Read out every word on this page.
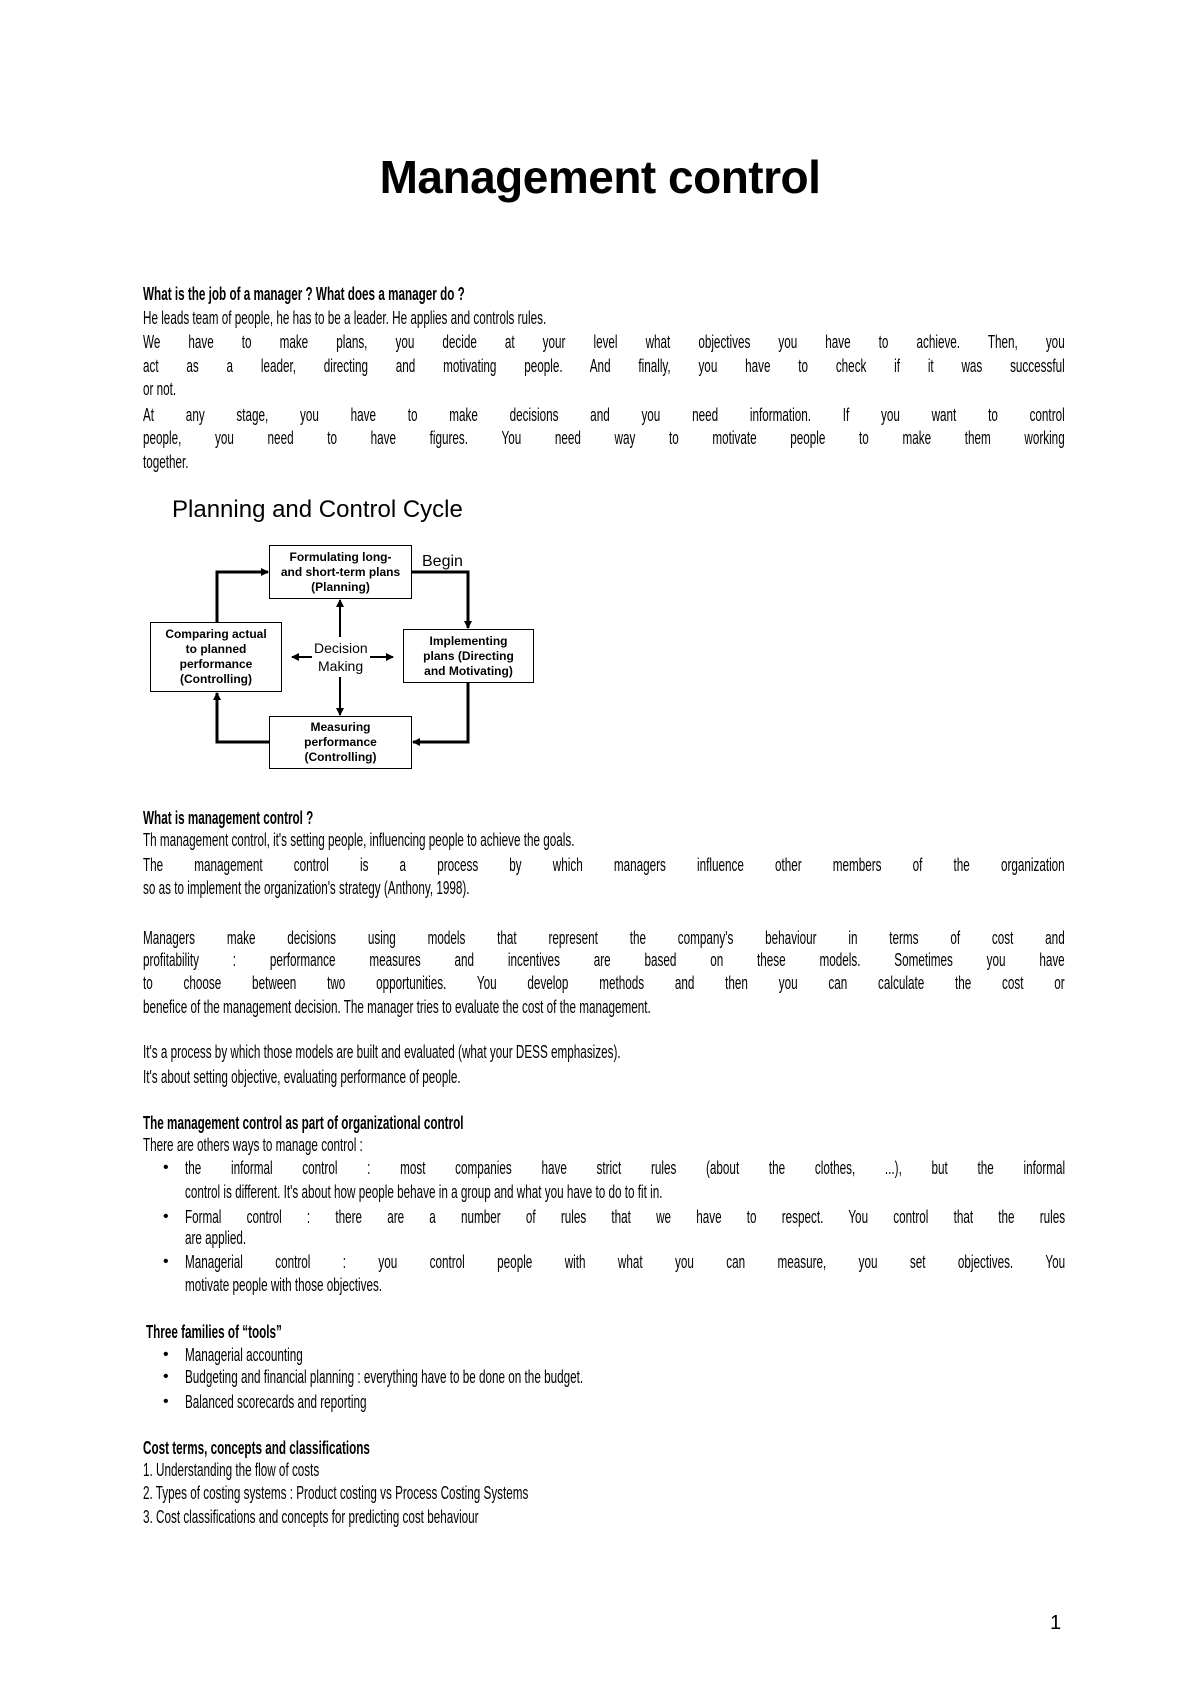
Management control
What is the job of a manager ? What does a manager do ?
He leads team of people, he has to be a leader. He applies and controls rules.
We have to make plans, you decide at your level what objectives you have to achieve. Then, you
act as a leader, directing and motivating people. And finally, you have to check if it was successful
or not.
At any stage, you have to make decisions and you need information. If you want to control
people, you need to have figures. You need way to motivate people to make them working
together.
Planning and Control Cycle
Formulating long-
and short-term plans
(Planning)
Implementing
plans (Directing
and Motivating)
Measuring
performance
(Controlling)
Comparing actual
to planned
performance
(Controlling)
Begin
Decision
Making
What is management control ?
Th management control, it's setting people, influencing people to achieve the goals.
The management control is a process by which managers influence other members of the organization
so as to implement the organization's strategy (Anthony, 1998).
Managers make decisions using models that represent the company's behaviour in terms of cost and
profitability : performance measures and incentives are based on these models. Sometimes you have
to choose between two opportunities. You develop methods and then you can calculate the cost or
benefice of the management decision. The manager tries to evaluate the cost of the management.
It's a process by which those models are built and evaluated (what your DESS emphasizes).
It's about setting objective, evaluating performance of people.
The management control as part of organizational control
There are others ways to manage control :
• the informal control : most companies have strict rules (about the clothes, ...), but the informal
control is different. It's about how people behave in a group and what you have to do to fit in.
• Formal control : there are a number of rules that we have to respect. You control that the rules
are applied.
• Managerial control : you control people with what you can measure, you set objectives. You
motivate people with those objectives.
Three families of “tools”
• Managerial accounting
• Budgeting and financial planning : everything have to be done on the budget.
• Balanced scorecards and reporting
Cost terms, concepts and classifications
1. Understanding the flow of costs
2. Types of costing systems : Product costing vs Process Costing Systems
3. Cost classifications and concepts for predicting cost behaviour
1
